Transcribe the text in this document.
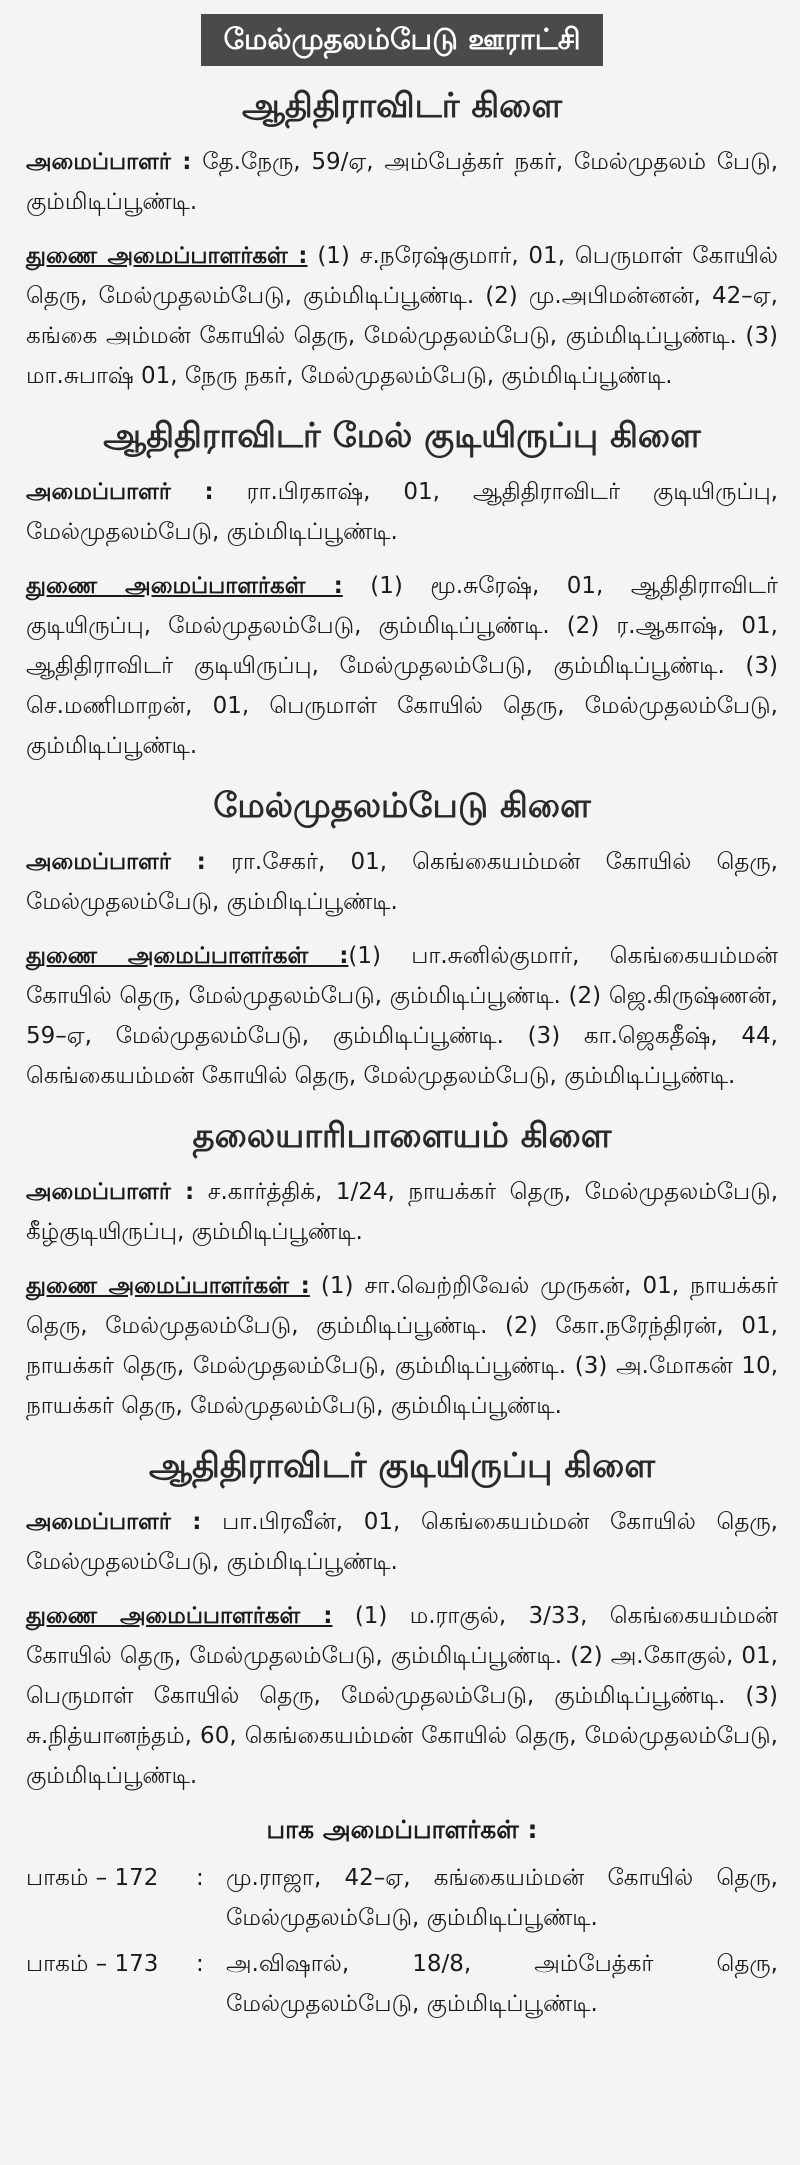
மேல்முதலம்பேடு ஊராட்சி
ஆதிதிராவிடர் கிளை

அமைப்பாளர் : தே.நேரு, 59/ஏ, அம்பேத்கர் நகர், மேல்முதலம் பேடு, கும்மிடிப்பூண்டி.

துணை அமைப்பாளர்கள் : (1) ச.நரேஷ்குமார், 01, பெருமாள் கோயில் தெரு, மேல்முதலம்பேடு, கும்மிடிப்பூண்டி. (2) மு.அபிமன்னன், 42–ஏ, கங்கை அம்மன் கோயில் தெரு, மேல்முதலம்பேடு, கும்மிடிப்பூண்டி. (3) மா.சுபாஷ் 01, நேரு நகர், மேல்முதலம்பேடு, கும்மிடிப்பூண்டி.

ஆதிதிராவிடர் மேல் குடியிருப்பு கிளை

அமைப்பாளர் : ரா.பிரகாஷ், 01, ஆதிதிராவிடர் குடியிருப்பு, மேல்முதலம்பேடு, கும்மிடிப்பூண்டி.

துணை அமைப்பாளர்கள் : (1) மூ.சுரேஷ், 01, ஆதிதிராவிடர் குடியிருப்பு, மேல்முதலம்பேடு, கும்மிடிப்பூண்டி. (2) ர.ஆகாஷ், 01, ஆதிதிராவிடர் குடியிருப்பு, மேல்முதலம்பேடு, கும்மிடிப்பூண்டி. (3) செ.மணிமாறன், 01, பெருமாள் கோயில் தெரு, மேல்முதலம்பேடு, கும்மிடிப்பூண்டி.

மேல்முதலம்பேடு கிளை

அமைப்பாளர் : ரா.சேகர், 01, கெங்கையம்மன் கோயில் தெரு, மேல்முதலம்பேடு, கும்மிடிப்பூண்டி.

துணை அமைப்பாளர்கள் :(1) பா.சுனில்குமார், கெங்கையம்மன் கோயில் தெரு, மேல்முதலம்பேடு, கும்மிடிப்பூண்டி. (2) ஜெ.கிருஷ்ணன், 59–ஏ, மேல்முதலம்பேடு, கும்மிடிப்பூண்டி. (3) கா.ஜெகதீஷ், 44, கெங்கையம்மன் கோயில் தெரு, மேல்முதலம்பேடு, கும்மிடிப்பூண்டி.

தலையாரிபாளையம் கிளை

அமைப்பாளர் : ச.கார்த்திக், 1/24, நாயக்கர் தெரு, மேல்முதலம்பேடு, கீழ்குடியிருப்பு, கும்மிடிப்பூண்டி.

துணை அமைப்பாளர்கள் : (1) சா.வெற்றிவேல் முருகன், 01, நாயக்கர் தெரு, மேல்முதலம்பேடு, கும்மிடிப்பூண்டி. (2) கோ.நரேந்திரன், 01, நாயக்கர் தெரு, மேல்முதலம்பேடு, கும்மிடிப்பூண்டி. (3) அ.மோகன் 10, நாயக்கர் தெரு, மேல்முதலம்பேடு, கும்மிடிப்பூண்டி.

ஆதிதிராவிடர் குடியிருப்பு கிளை

அமைப்பாளர் : பா.பிரவீன், 01, கெங்கையம்மன் கோயில் தெரு, மேல்முதலம்பேடு, கும்மிடிப்பூண்டி.

துணை அமைப்பாளர்கள் : (1) ம.ராகுல், 3/33, கெங்கையம்மன் கோயில் தெரு, மேல்முதலம்பேடு, கும்மிடிப்பூண்டி. (2) அ.கோகுல், 01, பெருமாள் கோயில் தெரு, மேல்முதலம்பேடு, கும்மிடிப்பூண்டி. (3) சு.நித்யானந்தம், 60, கெங்கையம்மன் கோயில் தெரு, மேல்முதலம்பேடு, கும்மிடிப்பூண்டி.

பாக அமைப்பாளர்கள் :
பாகம் – 172	: மு.ராஜா, 42–ஏ, கங்கையம்மன் கோயில் தெரு, மேல்முதலம்பேடு, கும்மிடிப்பூண்டி.
பாகம் – 173	: அ.விஷால், 18/8, அம்பேத்கர் தெரு, மேல்முதலம்பேடு, கும்மிடிப்பூண்டி.
